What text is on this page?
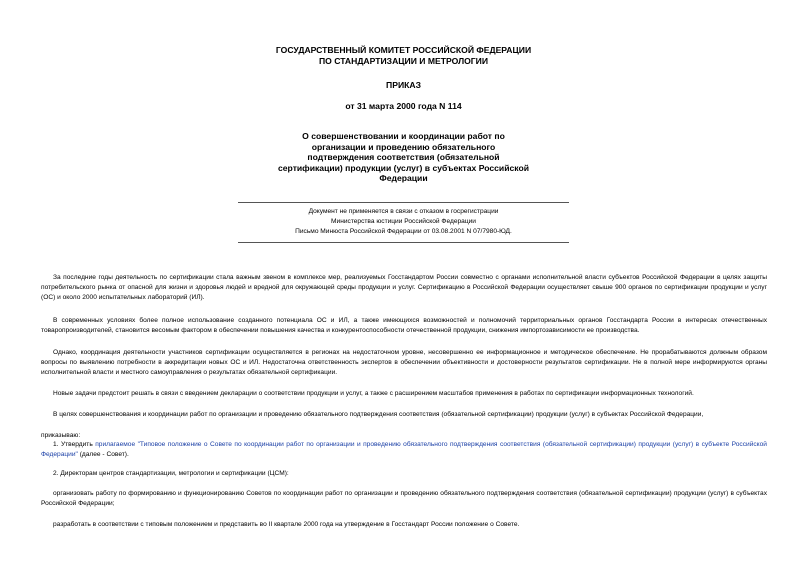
ГОСУДАРСТВЕННЫЙ КОМИТЕТ РОССИЙСКОЙ ФЕДЕРАЦИИ
ПО СТАНДАРТИЗАЦИИ И МЕТРОЛОГИИ
ПРИКАЗ
от 31 марта 2000 года N 114
О совершенствовании и координации работ по организации и проведению обязательного подтверждения соответствия (обязательной сертификации) продукции (услуг) в субъектах Российской Федерации
Документ не применяется в связи с отказом в госрегистрации
Министерства юстиции Российской Федерации
Письмо Минюста Российской Федерации от 03.08.2001 N 07/7980-ЮД.

За последние годы деятельность по сертификации стала важным звеном в комплексе мер, реализуемых Госстандартом России совместно с органами исполнительной власти субъектов Российской Федерации в целях защиты потребительского рынка от опасной для жизни и здоровья людей и вредной для окружающей среды продукции и услуг. Сертификацию в Российской Федерации осуществляет свыше 900 органов по сертификации продукции и услуг (ОС) и около 2000 испытательных лабораторий (ИЛ).

В современных условиях более полное использование созданного потенциала ОС и ИЛ, а также имеющихся возможностей и полномочий территориальных органов Госстандарта России в интересах отечественных товаропроизводителей, становится весомым фактором в обеспечении повышения качества и конкурентоспособности отечественной продукции, снижения импортозависимости ее производства.

Однако, координация деятельности участников сертификации осуществляется в регионах на недостаточном уровне, несовершенно ее информационное и методическое обеспечение. Не прорабатываются должным образом вопросы по выявлению потребности в аккредитации новых ОС и ИЛ. Недостаточна ответственность экспертов в обеспечении объективности и достоверности результатов сертификации. Не в полной мере информируются органы исполнительной власти и местного самоуправления о результатах обязательной сертификации.

Новые задачи предстоит решать в связи с введением декларации о соответствии продукции и услуг, а также с расширением масштабов применения в работах по сертификации информационных технологий.

В целях совершенствования и координации работ по организации и проведению обязательного подтверждения соответствия (обязательной сертификации) продукции (услуг) в субъектах Российской Федерации,

приказываю:

1. Утвердить прилагаемое "Типовое положение о Совете по координации работ по организации и проведению обязательного подтверждения соответствия (обязательной сертификации) продукции (услуг) в субъекте Российской Федерации" (далее - Совет).

2. Директорам центров стандартизации, метрологии и сертификации (ЦСМ):

организовать работу по формированию и функционированию Советов по координации работ по организации и проведению обязательного подтверждения соответствия (обязательной сертификации) продукции (услуг) в субъектах Российской Федерации;

разработать в соответствии с типовым положением и представить во II квартале 2000 года на утверждение в Госстандарт России положение о Совете.
